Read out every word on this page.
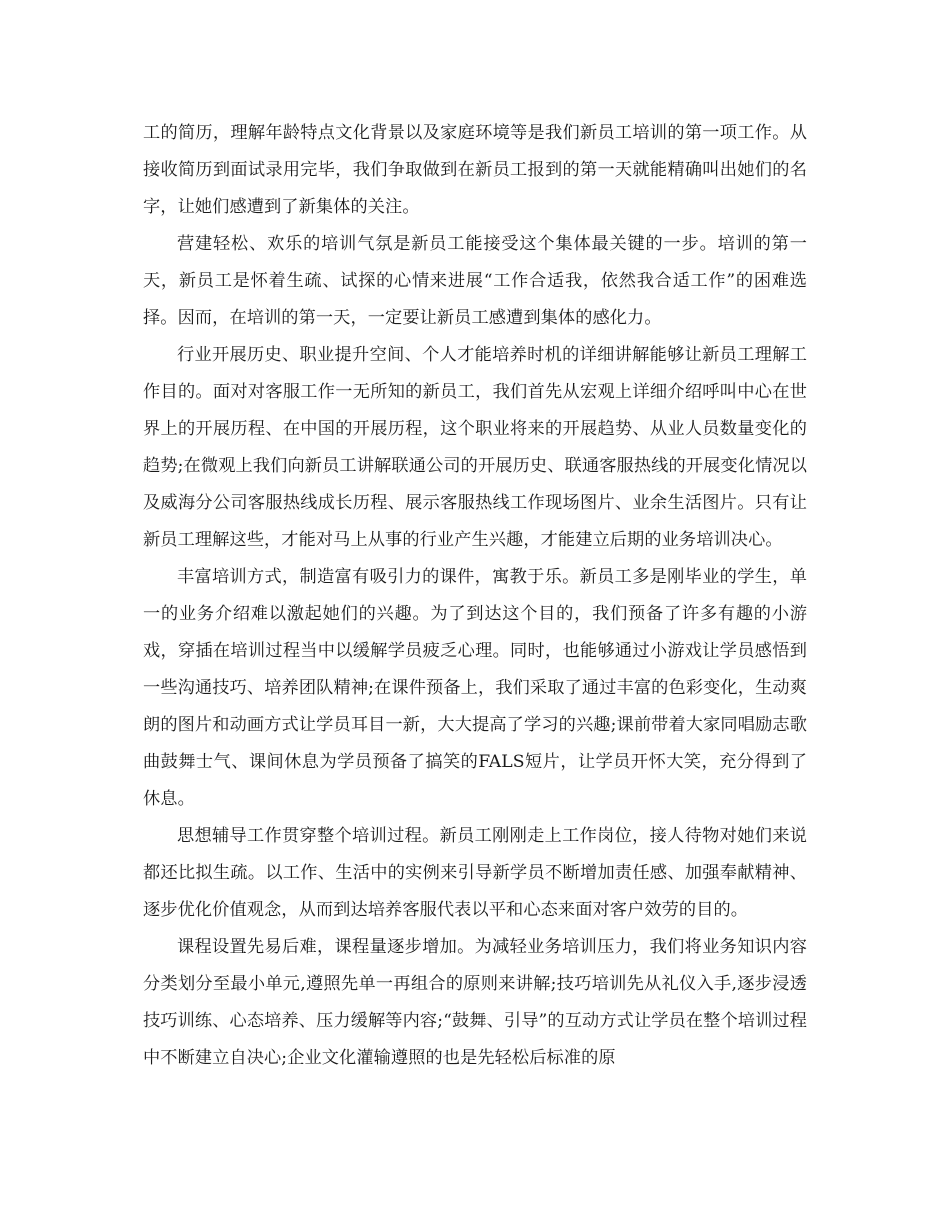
工的简历，理解年龄特点文化背景以及家庭环境等是我们新员工培训的第一项工作。从接收简历到面试录用完毕，我们争取做到在新员工报到的第一天就能精确叫出她们的名字，让她们感遭到了新集体的关注。

营建轻松、欢乐的培训气氛是新员工能接受这个集体最关键的一步。培训的第一天，新员工是怀着生疏、试探的心情来进展“工作合适我，依然我合适工作”的困难选择。因而，在培训的第一天，一定要让新员工感遭到集体的感化力。

行业开展历史、职业提升空间、个人才能培养时机的详细讲解能够让新员工理解工作目的。面对对客服工作一无所知的新员工，我们首先从宏观上详细介绍呼叫中心在世界上的开展历程、在中国的开展历程，这个职业将来的开展趋势、从业人员数量变化的趋势;在微观上我们向新员工讲解联通公司的开展历史、联通客服热线的开展变化情况以及威海分公司客服热线成长历程、展示客服热线工作现场图片、业余生活图片。只有让新员工理解这些，才能对马上从事的行业产生兴趣，才能建立后期的业务培训决心。

丰富培训方式，制造富有吸引力的课件，寓教于乐。新员工多是刚毕业的学生，单一的业务介绍难以激起她们的兴趣。为了到达这个目的，我们预备了许多有趣的小游戏，穿插在培训过程当中以缓解学员疲乏心理。同时，也能够通过小游戏让学员感悟到一些沟通技巧、培养团队精神;在课件预备上，我们采取了通过丰富的色彩变化，生动爽朗的图片和动画方式让学员耳目一新，大大提高了学习的兴趣;课前带着大家同唱励志歌曲鼓舞士气、课间休息为学员预备了搞笑的FALS短片，让学员开怀大笑，充分得到了休息。

思想辅导工作贯穿整个培训过程。新员工刚刚走上工作岗位，接人待物对她们来说都还比拟生疏。以工作、生活中的实例来引导新学员不断增加责任感、加强奉献精神、逐步优化价值观念，从而到达培养客服代表以平和心态来面对客户效劳的目的。

课程设置先易后难，课程量逐步增加。为减轻业务培训压力，我们将业务知识内容分类划分至最小单元,遵照先单一再组合的原则来讲解;技巧培训先从礼仪入手,逐步浸透技巧训练、心态培养、压力缓解等内容;“鼓舞、引导”的互动方式让学员在整个培训过程中不断建立自决心;企业文化灌输遵照的也是先轻松后标准的原
